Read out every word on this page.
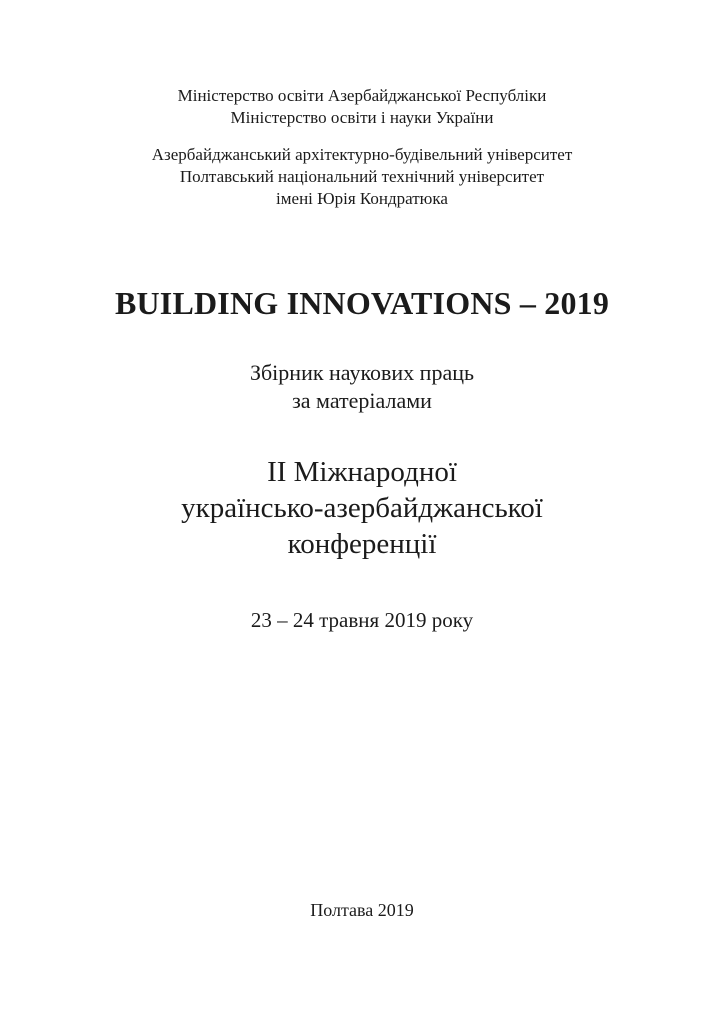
Міністерство освіти Азербайджанської Республіки
Міністерство освіти і науки України
Азербайджанський архітектурно-будівельний університет
Полтавський національний технічний університет
імені Юрія Кондратюка
BUILDING INNOVATIONS – 2019
Збірник наукових праць
за матеріалами
ІІ Міжнародної
українсько-азербайджанської
конференції
23 – 24 травня 2019 року
Полтава 2019
